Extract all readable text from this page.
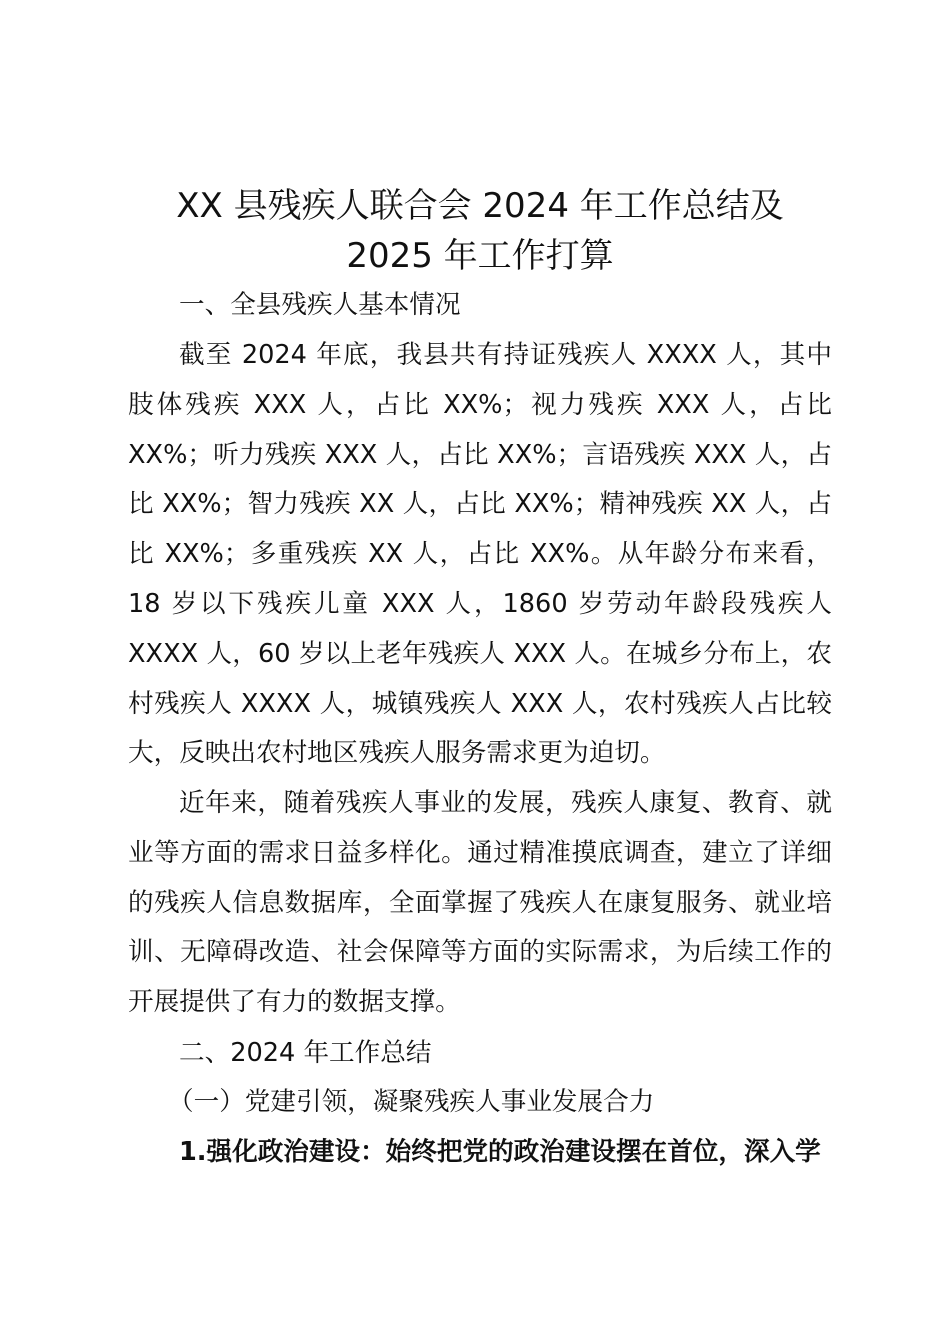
XX 县残疾人联合会 2024 年工作总结及
2025 年工作打算

一、全县残疾人基本情况

截至 2024 年底，我县共有持证残疾人 XXXX 人，其中肢体残疾 XXX 人，占比 XX%；视力残疾 XXX 人，占比 XX%；听力残疾 XXX 人，占比 XX%；言语残疾 XXX 人，占比 XX%；智力残疾 XX 人，占比 XX%；精神残疾 XX 人，占比 XX%；多重残疾 XX 人，占比 XX%。从年龄分布来看，18 岁以下残疾儿童 XXX 人，1860 岁劳动年龄段残疾人 XXXX 人，60 岁以上老年残疾人 XXX 人。在城乡分布上，农村残疾人 XXXX 人，城镇残疾人 XXX 人，农村残疾人占比较大，反映出农村地区残疾人服务需求更为迫切。

近年来，随着残疾人事业的发展，残疾人康复、教育、就业等方面的需求日益多样化。通过精准摸底调查，建立了详细的残疾人信息数据库，全面掌握了残疾人在康复服务、就业培训、无障碍改造、社会保障等方面的实际需求，为后续工作的开展提供了有力的数据支撑。

二、2024 年工作总结

（一）党建引领，凝聚残疾人事业发展合力

1.强化政治建设：始终把党的政治建设摆在首位，深入学
